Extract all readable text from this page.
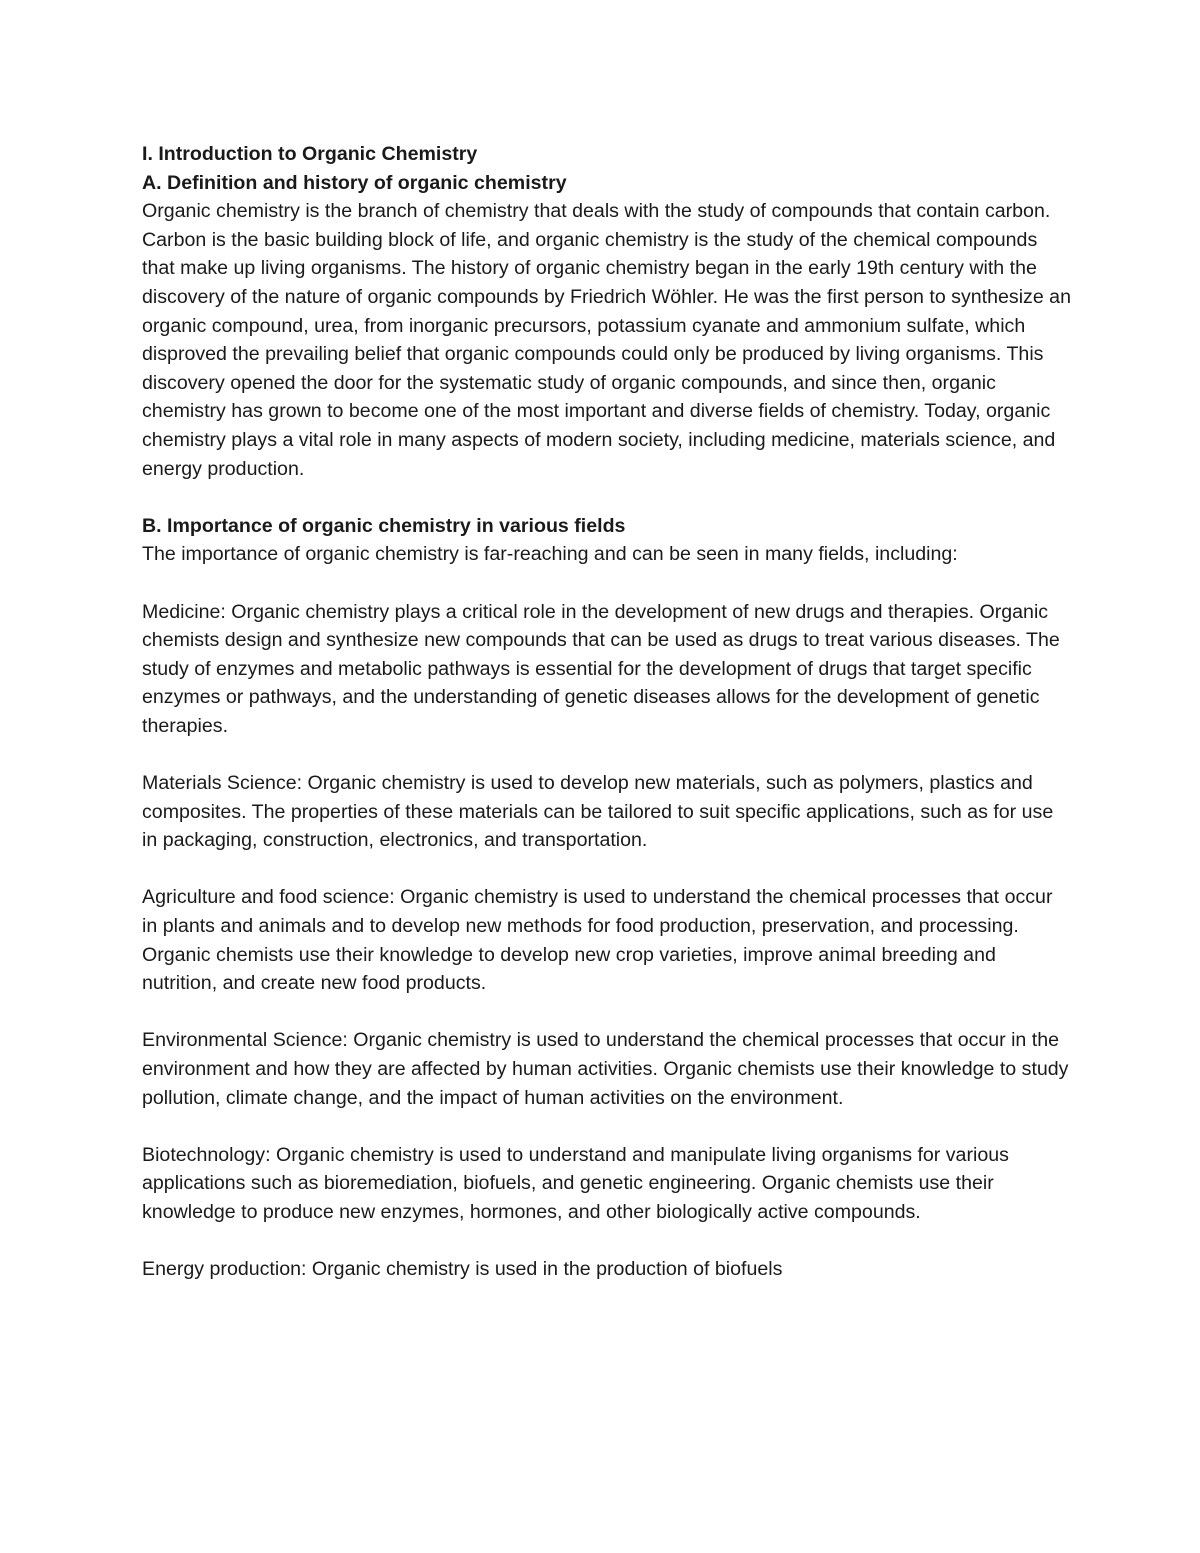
I. Introduction to Organic Chemistry

A. Definition and history of organic chemistry

Organic chemistry is the branch of chemistry that deals with the study of compounds that contain carbon. Carbon is the basic building block of life, and organic chemistry is the study of the chemical compounds that make up living organisms. The history of organic chemistry began in the early 19th century with the discovery of the nature of organic compounds by Friedrich Wöhler. He was the first person to synthesize an organic compound, urea, from inorganic precursors, potassium cyanate and ammonium sulfate, which disproved the prevailing belief that organic compounds could only be produced by living organisms. This discovery opened the door for the systematic study of organic compounds, and since then, organic chemistry has grown to become one of the most important and diverse fields of chemistry. Today, organic chemistry plays a vital role in many aspects of modern society, including medicine, materials science, and energy production.

B. Importance of organic chemistry in various fields

The importance of organic chemistry is far-reaching and can be seen in many fields, including:

Medicine: Organic chemistry plays a critical role in the development of new drugs and therapies. Organic chemists design and synthesize new compounds that can be used as drugs to treat various diseases. The study of enzymes and metabolic pathways is essential for the development of drugs that target specific enzymes or pathways, and the understanding of genetic diseases allows for the development of genetic therapies.

Materials Science: Organic chemistry is used to develop new materials, such as polymers, plastics and composites. The properties of these materials can be tailored to suit specific applications, such as for use in packaging, construction, electronics, and transportation.

Agriculture and food science: Organic chemistry is used to understand the chemical processes that occur in plants and animals and to develop new methods for food production, preservation, and processing. Organic chemists use their knowledge to develop new crop varieties, improve animal breeding and nutrition, and create new food products.

Environmental Science: Organic chemistry is used to understand the chemical processes that occur in the environment and how they are affected by human activities. Organic chemists use their knowledge to study pollution, climate change, and the impact of human activities on the environment.

Biotechnology: Organic chemistry is used to understand and manipulate living organisms for various applications such as bioremediation, biofuels, and genetic engineering. Organic chemists use their knowledge to produce new enzymes, hormones, and other biologically active compounds.

Energy production: Organic chemistry is used in the production of biofuels
